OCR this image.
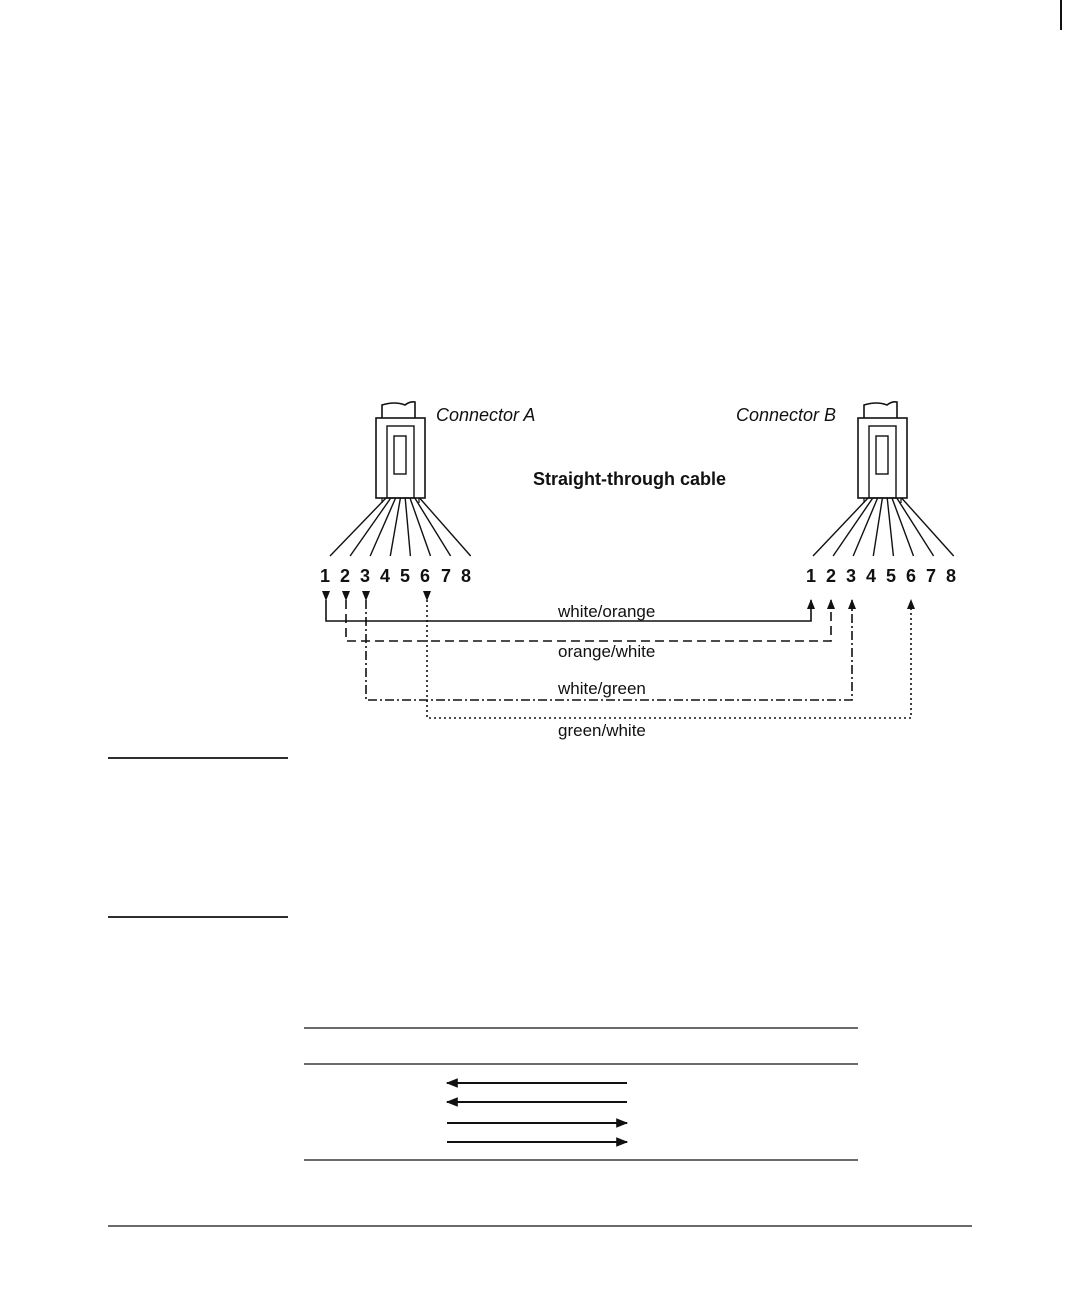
Connector A	Connector B
Straight-through cable
1 2 3 4 5 6 7 8	1 2 3 4 5 6 7 8
white/orange
orange/white
white/green
green/white
